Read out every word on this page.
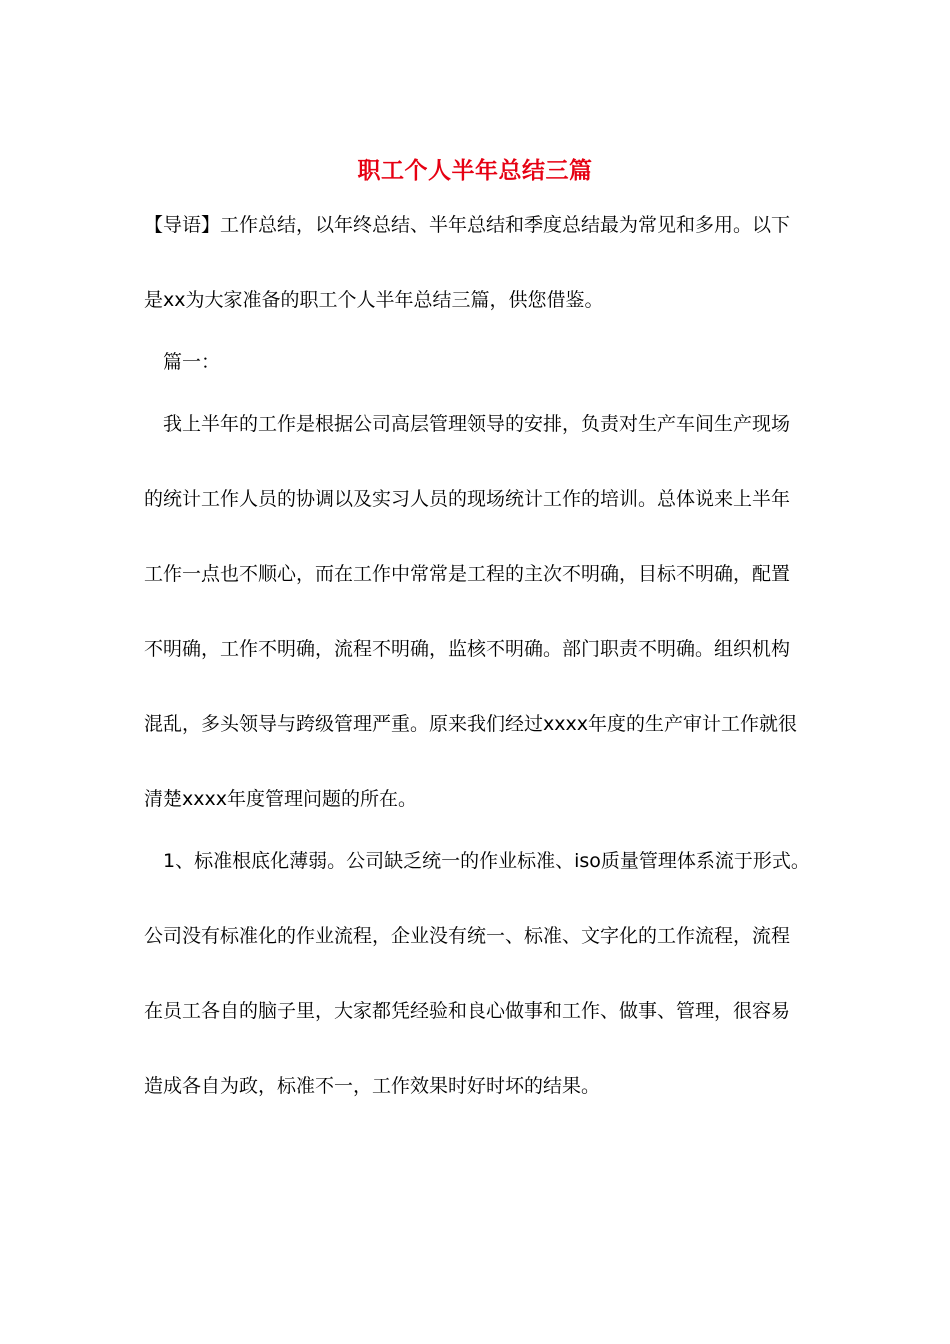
职工个人半年总结三篇
【导语】工作总结，以年终总结、半年总结和季度总结最为常见和多用。以下
是xx为大家准备的职工个人半年总结三篇，供您借鉴。
篇一：
我上半年的工作是根据公司高层管理领导的安排，负责对生产车间生产现场
的统计工作人员的协调以及实习人员的现场统计工作的培训。总体说来上半年
工作一点也不顺心，而在工作中常常是工程的主次不明确，目标不明确，配置
不明确，工作不明确，流程不明确，监核不明确。部门职责不明确。组织机构
混乱，多头领导与跨级管理严重。原来我们经过xxxx年度的生产审计工作就很
清楚xxxx年度管理问题的所在。
1、标准根底化薄弱。公司缺乏统一的作业标准、iso质量管理体系流于形式。
公司没有标准化的作业流程，企业没有统一、标准、文字化的工作流程，流程
在员工各自的脑子里，大家都凭经验和良心做事和工作、做事、管理，很容易
造成各自为政，标准不一，工作效果时好时坏的结果。
